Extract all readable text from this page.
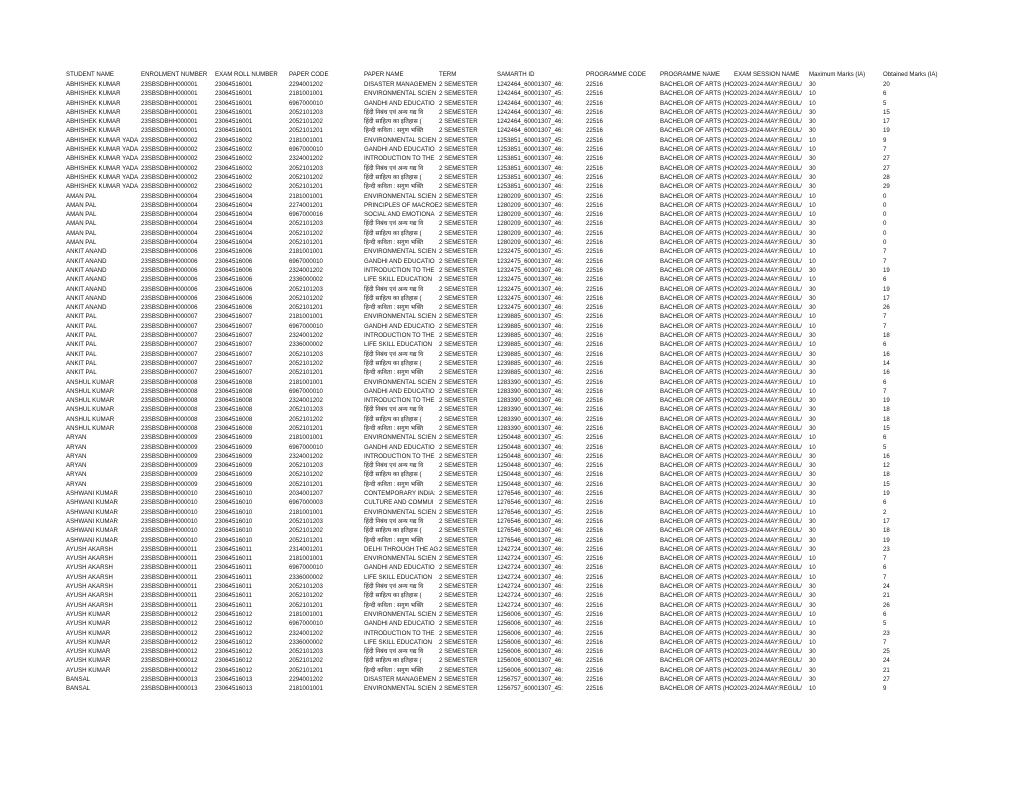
STUDENT NAME	ENROLMENT NUMBER	EXAM ROLL NUMBER	PAPER CODE	PAPER NAME	TERM	SAMARTH ID	PROGRAMME CODE	PROGRAMME NAME	EXAM SESSION NAME	Maximum Marks (IA)	Obtained Marks (IA)
ABHISHEK KUMAR	23SBSDBHH000001	23064516001	2294001202	DISASTER MANAGEMEN	2 SEMESTER	1242464_60001307_46:	22516	BACHELOR OF ARTS (HO	2023-2024-MAY:REGUL/	30	20
ABHISHEK KUMAR	23SBSDBHH000001	23064516001	2181001001	ENVIRONMENTAL SCIEN	2 SEMESTER	1242464_60001307_45:	22516	BACHELOR OF ARTS (HO	2023-2024-MAY:REGUL/	10	6
ABHISHEK KUMAR	23SBSDBHH000001	23064516001	6967000010	GANDHI AND EDUCATIO	2 SEMESTER	1242464_60001307_46:	22516	BACHELOR OF ARTS (HO	2023-2024-MAY:REGUL/	10	5
ABHISHEK KUMAR	23SBSDBHH000001	23064516001	2052101203	हिंदी निबंध एवं अन्य गद्य वि	2 SEMESTER	1242464_60001307_46:	22516	BACHELOR OF ARTS (HO	2023-2024-MAY:REGUL/	30	15
ABHISHEK KUMAR	23SBSDBHH000001	23064516001	2052101202	हिंदी साहित्य का इतिहास (	2 SEMESTER	1242464_60001307_46:	22516	BACHELOR OF ARTS (HO	2023-2024-MAY:REGUL/	30	17
ABHISHEK KUMAR	23SBSDBHH000001	23064516001	2052101201	हिन्दी कविता : सगुण भक्ति	2 SEMESTER	1242464_60001307_46:	22516	BACHELOR OF ARTS (HO	2023-2024-MAY:REGUL/	30	19
ABHISHEK KUMAR YADA	23SBSDBHH000002	23064516002	2181001001	ENVIRONMENTAL SCIEN	2 SEMESTER	1253851_60001307_45:	22516	BACHELOR OF ARTS (HO	2023-2024-MAY:REGUL/	10	9
ABHISHEK KUMAR YADA	23SBSDBHH000002	23064516002	6967000010	GANDHI AND EDUCATIO	2 SEMESTER	1253851_60001307_46:	22516	BACHELOR OF ARTS (HO	2023-2024-MAY:REGUL/	10	7
ABHISHEK KUMAR YADA	23SBSDBHH000002	23064516002	2324001202	INTRODUCTION TO THE	2 SEMESTER	1253851_60001307_46:	22516	BACHELOR OF ARTS (HO	2023-2024-MAY:REGUL/	30	27
ABHISHEK KUMAR YADA	23SBSDBHH000002	23064516002	2052101203	हिंदी निबंध एवं अन्य गद्य वि	2 SEMESTER	1253851_60001307_46:	22516	BACHELOR OF ARTS (HO	2023-2024-MAY:REGUL/	30	27
ABHISHEK KUMAR YADA	23SBSDBHH000002	23064516002	2052101202	हिंदी साहित्य का इतिहास (	2 SEMESTER	1253851_60001307_46:	22516	BACHELOR OF ARTS (HO	2023-2024-MAY:REGUL/	30	28
ABHISHEK KUMAR YADA	23SBSDBHH000002	23064516002	2052101201	हिन्दी कविता : सगुण भक्ति	2 SEMESTER	1253851_60001307_46:	22516	BACHELOR OF ARTS (HO	2023-2024-MAY:REGUL/	30	29
AMAN PAL	23SBSDBHH000004	23064516004	2181001001	ENVIRONMENTAL SCIEN	2 SEMESTER	1280209_60001307_45:	22516	BACHELOR OF ARTS (HO	2023-2024-MAY:REGUL/	10	0
AMAN PAL	23SBSDBHH000004	23064516004	2274001201	PRINCIPLES OF MACROE	2 SEMESTER	1280209_60001307_46:	22516	BACHELOR OF ARTS (HO	2023-2024-MAY:REGUL/	10	0
AMAN PAL	23SBSDBHH000004	23064516004	6967000016	SOCIAL AND EMOTIONA	2 SEMESTER	1280209_60001307_46:	22516	BACHELOR OF ARTS (HO	2023-2024-MAY:REGUL/	10	0
AMAN PAL	23SBSDBHH000004	23064516004	2052101203	हिंदी निबंध एवं अन्य गद्य वि	2 SEMESTER	1280209_60001307_46:	22516	BACHELOR OF ARTS (HO	2023-2024-MAY:REGUL/	30	0
AMAN PAL	23SBSDBHH000004	23064516004	2052101202	हिंदी साहित्य का इतिहास (	2 SEMESTER	1280209_60001307_46:	22516	BACHELOR OF ARTS (HO	2023-2024-MAY:REGUL/	30	0
AMAN PAL	23SBSDBHH000004	23064516004	2052101201	हिन्दी कविता : सगुण भक्ति	2 SEMESTER	1280209_60001307_46:	22516	BACHELOR OF ARTS (HO	2023-2024-MAY:REGUL/	30	0
ANKIT ANAND	23SBSDBHH000006	23064516006	2181001001	ENVIRONMENTAL SCIEN	2 SEMESTER	1232475_60001307_45:	22516	BACHELOR OF ARTS (HO	2023-2024-MAY:REGUL/	10	7
ANKIT ANAND	23SBSDBHH000006	23064516006	6967000010	GANDHI AND EDUCATIO	2 SEMESTER	1232475_60001307_46:	22516	BACHELOR OF ARTS (HO	2023-2024-MAY:REGUL/	10	7
ANKIT ANAND	23SBSDBHH000006	23064516006	2324001202	INTRODUCTION TO THE	2 SEMESTER	1232475_60001307_46:	22516	BACHELOR OF ARTS (HO	2023-2024-MAY:REGUL/	30	19
ANKIT ANAND	23SBSDBHH000006	23064516006	2336000002	LIFE SKILL EDUCATION	2 SEMESTER	1232475_60001307_46:	22516	BACHELOR OF ARTS (HO	2023-2024-MAY:REGUL/	10	6
ANKIT ANAND	23SBSDBHH000006	23064516006	2052101203	हिंदी निबंध एवं अन्य गद्य वि	2 SEMESTER	1232475_60001307_46:	22516	BACHELOR OF ARTS (HO	2023-2024-MAY:REGUL/	30	19
ANKIT ANAND	23SBSDBHH000006	23064516006	2052101202	हिंदी साहित्य का इतिहास (	2 SEMESTER	1232475_60001307_46:	22516	BACHELOR OF ARTS (HO	2023-2024-MAY:REGUL/	30	17
ANKIT ANAND	23SBSDBHH000006	23064516006	2052101201	हिन्दी कविता : सगुण भक्ति	2 SEMESTER	1232475_60001307_46:	22516	BACHELOR OF ARTS (HO	2023-2024-MAY:REGUL/	30	26
ANKIT PAL	23SBSDBHH000007	23064516007	2181001001	ENVIRONMENTAL SCIEN	2 SEMESTER	1239885_60001307_45:	22516	BACHELOR OF ARTS (HO	2023-2024-MAY:REGUL/	10	7
ANKIT PAL	23SBSDBHH000007	23064516007	6967000010	GANDHI AND EDUCATIO	2 SEMESTER	1239885_60001307_46:	22516	BACHELOR OF ARTS (HO	2023-2024-MAY:REGUL/	10	7
ANKIT PAL	23SBSDBHH000007	23064516007	2324001202	INTRODUCTION TO THE	2 SEMESTER	1239885_60001307_46:	22516	BACHELOR OF ARTS (HO	2023-2024-MAY:REGUL/	30	18
ANKIT PAL	23SBSDBHH000007	23064516007	2336000002	LIFE SKILL EDUCATION	2 SEMESTER	1239885_60001307_46:	22516	BACHELOR OF ARTS (HO	2023-2024-MAY:REGUL/	10	6
ANKIT PAL	23SBSDBHH000007	23064516007	2052101203	हिंदी निबंध एवं अन्य गद्य वि	2 SEMESTER	1239885_60001307_46:	22516	BACHELOR OF ARTS (HO	2023-2024-MAY:REGUL/	30	16
ANKIT PAL	23SBSDBHH000007	23064516007	2052101202	हिंदी साहित्य का इतिहास (	2 SEMESTER	1239885_60001307_46:	22516	BACHELOR OF ARTS (HO	2023-2024-MAY:REGUL/	30	14
ANKIT PAL	23SBSDBHH000007	23064516007	2052101201	हिन्दी कविता : सगुण भक्ति	2 SEMESTER	1239885_60001307_46:	22516	BACHELOR OF ARTS (HO	2023-2024-MAY:REGUL/	30	16
ANSHUL KUMAR	23SBSDBHH000008	23064516008	2181001001	ENVIRONMENTAL SCIEN	2 SEMESTER	1283390_60001307_45:	22516	BACHELOR OF ARTS (HO	2023-2024-MAY:REGUL/	10	6
ANSHUL KUMAR	23SBSDBHH000008	23064516008	6967000010	GANDHI AND EDUCATIO	2 SEMESTER	1283390_60001307_46:	22516	BACHELOR OF ARTS (HO	2023-2024-MAY:REGUL/	10	7
ANSHUL KUMAR	23SBSDBHH000008	23064516008	2324001202	INTRODUCTION TO THE	2 SEMESTER	1283390_60001307_46:	22516	BACHELOR OF ARTS (HO	2023-2024-MAY:REGUL/	30	19
ANSHUL KUMAR	23SBSDBHH000008	23064516008	2052101203	हिंदी निबंध एवं अन्य गद्य वि	2 SEMESTER	1283390_60001307_46:	22516	BACHELOR OF ARTS (HO	2023-2024-MAY:REGUL/	30	18
ANSHUL KUMAR	23SBSDBHH000008	23064516008	2052101202	हिंदी साहित्य का इतिहास (	2 SEMESTER	1283390_60001307_46:	22516	BACHELOR OF ARTS (HO	2023-2024-MAY:REGUL/	30	18
ANSHUL KUMAR	23SBSDBHH000008	23064516008	2052101201	हिन्दी कविता : सगुण भक्ति	2 SEMESTER	1283390_60001307_46:	22516	BACHELOR OF ARTS (HO	2023-2024-MAY:REGUL/	30	15
ARYAN	23SBSDBHH000009	23064516009	2181001001	ENVIRONMENTAL SCIEN	2 SEMESTER	1250448_60001307_45:	22516	BACHELOR OF ARTS (HO	2023-2024-MAY:REGUL/	10	6
ARYAN	23SBSDBHH000009	23064516009	6967000010	GANDHI AND EDUCATIO	2 SEMESTER	1250448_60001307_46:	22516	BACHELOR OF ARTS (HO	2023-2024-MAY:REGUL/	10	5
ARYAN	23SBSDBHH000009	23064516009	2324001202	INTRODUCTION TO THE	2 SEMESTER	1250448_60001307_46:	22516	BACHELOR OF ARTS (HO	2023-2024-MAY:REGUL/	30	16
ARYAN	23SBSDBHH000009	23064516009	2052101203	हिंदी निबंध एवं अन्य गद्य वि	2 SEMESTER	1250448_60001307_46:	22516	BACHELOR OF ARTS (HO	2023-2024-MAY:REGUL/	30	12
ARYAN	23SBSDBHH000009	23064516009	2052101202	हिंदी साहित्य का इतिहास (	2 SEMESTER	1250448_60001307_46:	22516	BACHELOR OF ARTS (HO	2023-2024-MAY:REGUL/	30	18
ARYAN	23SBSDBHH000009	23064516009	2052101201	हिन्दी कविता : सगुण भक्ति	2 SEMESTER	1250448_60001307_46:	22516	BACHELOR OF ARTS (HO	2023-2024-MAY:REGUL/	30	15
ASHWANI KUMAR	23SBSDBHH000010	23064516010	2034001207	CONTEMPORARY INDIA:	2 SEMESTER	1276546_60001307_46:	22516	BACHELOR OF ARTS (HO	2023-2024-MAY:REGUL/	30	19
ASHWANI KUMAR	23SBSDBHH000010	23064516010	6967000003	CULTURE AND COMMUI	2 SEMESTER	1276546_60001307_46:	22516	BACHELOR OF ARTS (HO	2023-2024-MAY:REGUL/	10	6
ASHWANI KUMAR	23SBSDBHH000010	23064516010	2181001001	ENVIRONMENTAL SCIEN	2 SEMESTER	1276546_60001307_45:	22516	BACHELOR OF ARTS (HO	2023-2024-MAY:REGUL/	10	2
ASHWANI KUMAR	23SBSDBHH000010	23064516010	2052101203	हिंदी निबंध एवं अन्य गद्य वि	2 SEMESTER	1276546_60001307_46:	22516	BACHELOR OF ARTS (HO	2023-2024-MAY:REGUL/	30	17
ASHWANI KUMAR	23SBSDBHH000010	23064516010	2052101202	हिंदी साहित्य का इतिहास (	2 SEMESTER	1276546_60001307_46:	22516	BACHELOR OF ARTS (HO	2023-2024-MAY:REGUL/	30	18
ASHWANI KUMAR	23SBSDBHH000010	23064516010	2052101201	हिन्दी कविता : सगुण भक्ति	2 SEMESTER	1276546_60001307_46:	22516	BACHELOR OF ARTS (HO	2023-2024-MAY:REGUL/	30	19
AYUSH AKARSH	23SBSDBHH000011	23064516011	2314001201	DELHI THROUGH THE AG	2 SEMESTER	1242724_60001307_46:	22516	BACHELOR OF ARTS (HO	2023-2024-MAY:REGUL/	30	23
AYUSH AKARSH	23SBSDBHH000011	23064516011	2181001001	ENVIRONMENTAL SCIEN	2 SEMESTER	1242724_60001307_45:	22516	BACHELOR OF ARTS (HO	2023-2024-MAY:REGUL/	10	7
AYUSH AKARSH	23SBSDBHH000011	23064516011	6967000010	GANDHI AND EDUCATIO	2 SEMESTER	1242724_60001307_46:	22516	BACHELOR OF ARTS (HO	2023-2024-MAY:REGUL/	10	6
AYUSH AKARSH	23SBSDBHH000011	23064516011	2336000002	LIFE SKILL EDUCATION	2 SEMESTER	1242724_60001307_46:	22516	BACHELOR OF ARTS (HO	2023-2024-MAY:REGUL/	10	7
AYUSH AKARSH	23SBSDBHH000011	23064516011	2052101203	हिंदी निबंध एवं अन्य गद्य वि	2 SEMESTER	1242724_60001307_46:	22516	BACHELOR OF ARTS (HO	2023-2024-MAY:REGUL/	30	24
AYUSH AKARSH	23SBSDBHH000011	23064516011	2052101202	हिंदी साहित्य का इतिहास (	2 SEMESTER	1242724_60001307_46:	22516	BACHELOR OF ARTS (HO	2023-2024-MAY:REGUL/	30	21
AYUSH AKARSH	23SBSDBHH000011	23064516011	2052101201	हिन्दी कविता : सगुण भक्ति	2 SEMESTER	1242724_60001307_46:	22516	BACHELOR OF ARTS (HO	2023-2024-MAY:REGUL/	30	26
AYUSH KUMAR	23SBSDBHH000012	23064516012	2181001001	ENVIRONMENTAL SCIEN	2 SEMESTER	1256006_60001307_45:	22516	BACHELOR OF ARTS (HO	2023-2024-MAY:REGUL/	10	6
AYUSH KUMAR	23SBSDBHH000012	23064516012	6967000010	GANDHI AND EDUCATIO	2 SEMESTER	1256006_60001307_46:	22516	BACHELOR OF ARTS (HO	2023-2024-MAY:REGUL/	10	5
AYUSH KUMAR	23SBSDBHH000012	23064516012	2324001202	INTRODUCTION TO THE	2 SEMESTER	1256006_60001307_46:	22516	BACHELOR OF ARTS (HO	2023-2024-MAY:REGUL/	30	23
AYUSH KUMAR	23SBSDBHH000012	23064516012	2336000002	LIFE SKILL EDUCATION	2 SEMESTER	1256006_60001307_46:	22516	BACHELOR OF ARTS (HO	2023-2024-MAY:REGUL/	10	7
AYUSH KUMAR	23SBSDBHH000012	23064516012	2052101203	हिंदी निबंध एवं अन्य गद्य वि	2 SEMESTER	1256006_60001307_46:	22516	BACHELOR OF ARTS (HO	2023-2024-MAY:REGUL/	30	25
AYUSH KUMAR	23SBSDBHH000012	23064516012	2052101202	हिंदी साहित्य का इतिहास (	2 SEMESTER	1256006_60001307_46:	22516	BACHELOR OF ARTS (HO	2023-2024-MAY:REGUL/	30	24
AYUSH KUMAR	23SBSDBHH000012	23064516012	2052101201	हिन्दी कविता : सगुण भक्ति	2 SEMESTER	1256006_60001307_46:	22516	BACHELOR OF ARTS (HO	2023-2024-MAY:REGUL/	30	21
BANSAL	23SBSDBHH000013	23064516013	2294001202	DISASTER MANAGEMEN	2 SEMESTER	1256757_60001307_46:	22516	BACHELOR OF ARTS (HO	2023-2024-MAY:REGUL/	30	27
BANSAL	23SBSDBHH000013	23064516013	2181001001	ENVIRONMENTAL SCIEN	2 SEMESTER	1256757_60001307_45:	22516	BACHELOR OF ARTS (HO	2023-2024-MAY:REGUL/	10	9
